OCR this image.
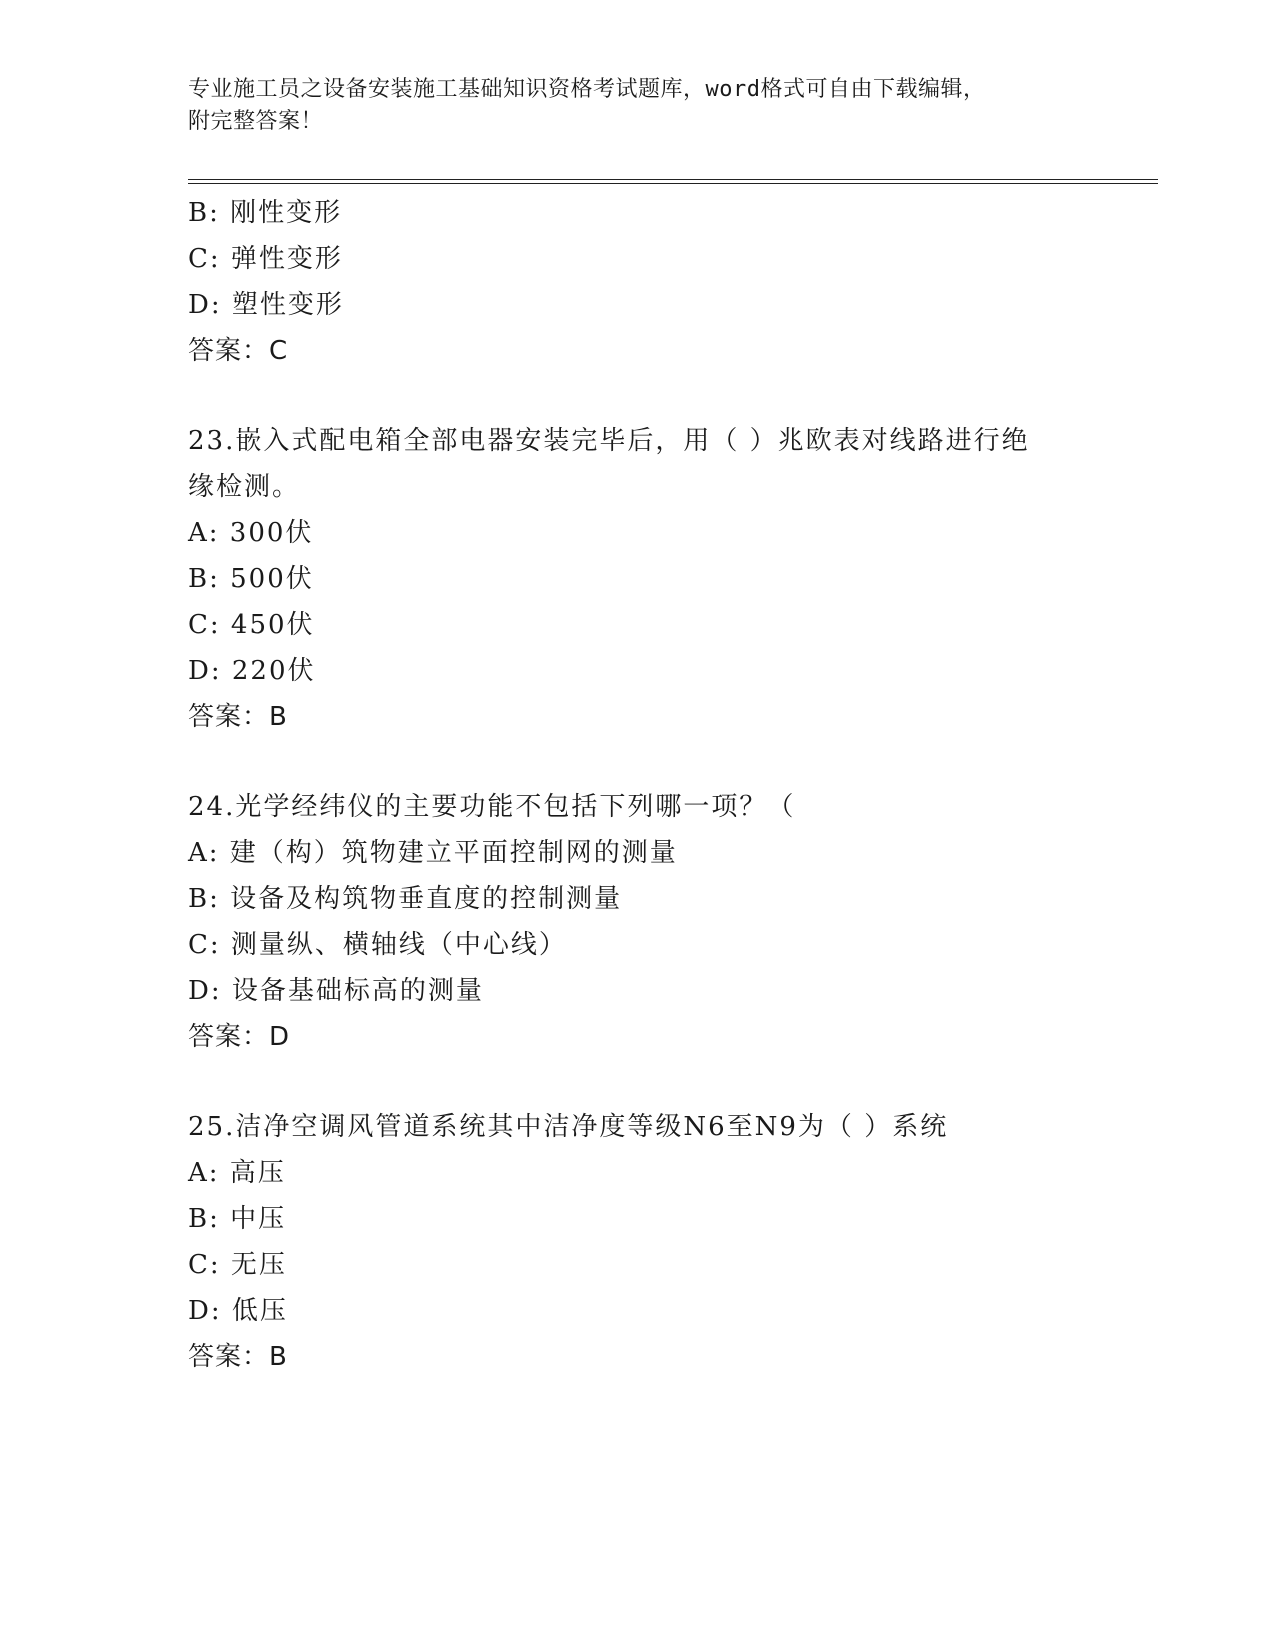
专业施工员之设备安装施工基础知识资格考试题库，word格式可自由下载编辑，
附完整答案！
B: 刚性变形
C: 弹性变形
D: 塑性变形
答案：C
23.嵌入式配电箱全部电器安装完毕后，用（ ）兆欧表对线路进行绝
缘检测。
A: 300伏
B: 500伏
C: 450伏
D: 220伏
答案：B
24.光学经纬仪的主要功能不包括下列哪一项？（
A: 建（构）筑物建立平面控制网的测量
B: 设备及构筑物垂直度的控制测量
C: 测量纵、横轴线（中心线）
D: 设备基础标高的测量
答案：D
25.洁净空调风管道系统其中洁净度等级N6至N9为（ ）系统
A: 高压
B: 中压
C: 无压
D: 低压
答案：B
